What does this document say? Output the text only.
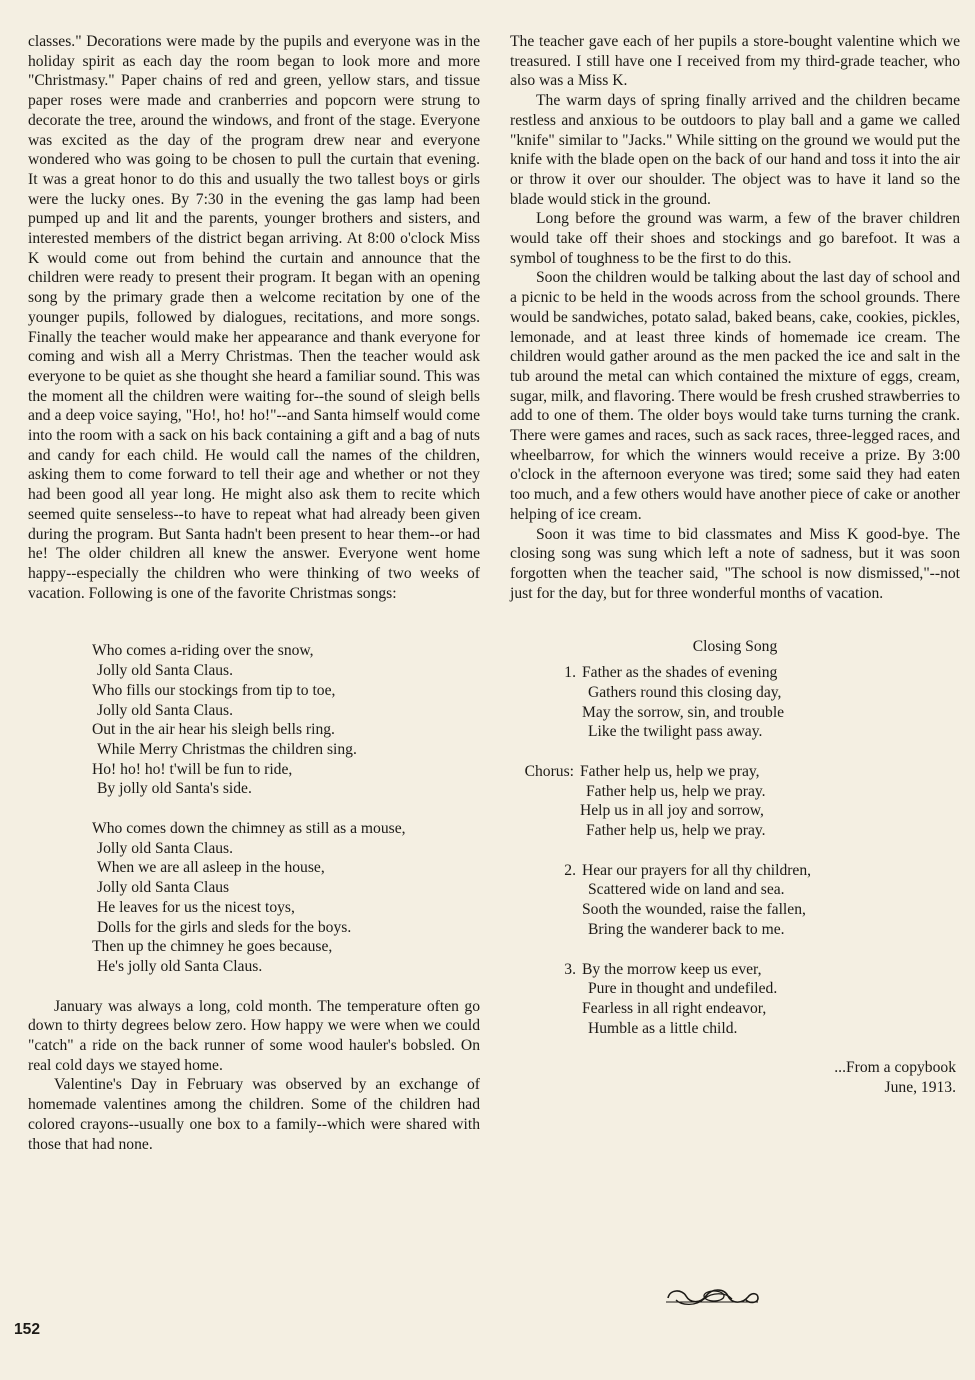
classes." Decorations were made by the pupils and everyone was in the holiday spirit as each day the room began to look more and more "Christmasy." Paper chains of red and green, yellow stars, and tissue paper roses were made and cranberries and popcorn were strung to decorate the tree, around the windows, and front of the stage. Everyone was excited as the day of the program drew near and everyone wondered who was going to be chosen to pull the curtain that evening. It was a great honor to do this and usually the two tallest boys or girls were the lucky ones. By 7:30 in the evening the gas lamp had been pumped up and lit and the parents, younger brothers and sisters, and interested members of the district began arriving. At 8:00 o'clock Miss K would come out from behind the curtain and announce that the children were ready to present their program. It began with an opening song by the primary grade then a welcome recitation by one of the younger pupils, followed by dialogues, recitations, and more songs. Finally the teacher would make her appearance and thank everyone for coming and wish all a Merry Christmas. Then the teacher would ask everyone to be quiet as she thought she heard a familiar sound. This was the moment all the children were waiting for--the sound of sleigh bells and a deep voice saying, "Ho!, ho! ho!"--and Santa himself would come into the room with a sack on his back containing a gift and a bag of nuts and candy for each child. He would call the names of the children, asking them to come forward to tell their age and whether or not they had been good all year long. He might also ask them to recite which seemed quite senseless--to have to repeat what had already been given during the program. But Santa hadn't been present to hear them--or had he! The older children all knew the answer. Everyone went home happy--especially the children who were thinking of two weeks of vacation. Following is one of the favorite Christmas songs:

Who comes a-riding over the snow,
Jolly old Santa Claus.
Who fills our stockings from tip to toe,
Jolly old Santa Claus.
Out in the air hear his sleigh bells ring.
While Merry Christmas the children sing.
Ho! ho! ho! t'will be fun to ride,
By jolly old Santa's side.
Who comes down the chimney as still as a mouse,
Jolly old Santa Claus.
When we are all asleep in the house,
Jolly old Santa Claus
He leaves for us the nicest toys,
Dolls for the girls and sleds for the boys.
Then up the chimney he goes because,
He's jolly old Santa Claus.

January was always a long, cold month. The temperature often go down to thirty degrees below zero. How happy we were when we could "catch" a ride on the back runner of some wood hauler's bobsled. On real cold days we stayed home.

Valentine's Day in February was observed by an exchange of homemade valentines among the children. Some of the children had colored crayons--usually one box to a family--which were shared with those that had none.

The teacher gave each of her pupils a store-bought valentine which we treasured. I still have one I received from my third-grade teacher, who also was a Miss K.

The warm days of spring finally arrived and the children became restless and anxious to be outdoors to play ball and a game we called "knife" similar to "Jacks." While sitting on the ground we would put the knife with the blade open on the back of our hand and toss it into the air or throw it over our shoulder. The object was to have it land so the blade would stick in the ground.

Long before the ground was warm, a few of the braver children would take off their shoes and stockings and go barefoot. It was a symbol of toughness to be the first to do this.

Soon the children would be talking about the last day of school and a picnic to be held in the woods across from the school grounds. There would be sandwiches, potato salad, baked beans, cake, cookies, pickles, lemonade, and at least three kinds of homemade ice cream. The children would gather around as the men packed the ice and salt in the tub around the metal can which contained the mixture of eggs, cream, sugar, milk, and flavoring. There would be fresh crushed strawberries to add to one of them. The older boys would take turns turning the crank. There were games and races, such as sack races, three-legged races, and wheelbarrow, for which the winners would receive a prize. By 3:00 o'clock in the afternoon everyone was tired; some said they had eaten too much, and a few others would have another piece of cake or another helping of ice cream.

Soon it was time to bid classmates and Miss K good-bye. The closing song was sung which left a note of sadness, but it was soon forgotten when the teacher said, "The school is now dismissed,"--not just for the day, but for three wonderful months of vacation.

Closing Song
1. Father as the shades of evening
Gathers round this closing day,
May the sorrow, sin, and trouble
Like the twilight pass away.
Chorus: Father help us, help we pray,
Father help us, help we pray.
Help us in all joy and sorrow,
Father help us, help we pray.
2. Hear our prayers for all thy children,
Scattered wide on land and sea.
Sooth the wounded, raise the fallen,
Bring the wanderer back to me.
3. By the morrow keep us ever,
Pure in thought and undefiled.
Fearless in all right endeavor,
Humble as a little child.
...From a copybook
June, 1913.
152
